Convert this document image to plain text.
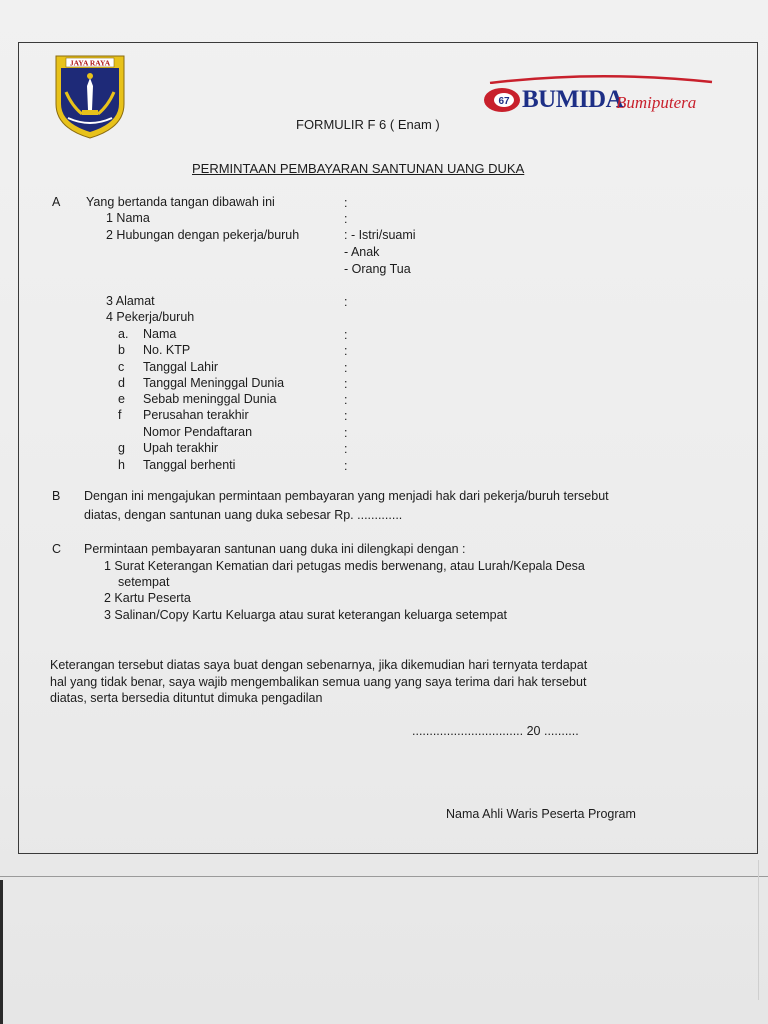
JAYA RAYA
67 BUMIDA
Bumiputera
FORMULIR F 6 ( Enam )
PERMINTAAN PEMBAYARAN SANTUNAN UANG DUKA
A Yang bertanda tangan dibawah ini	:
1 Nama	:
2 Hubungan dengan pekerja/buruh	: - Istri/suami
- Anak
- Orang Tua
3 Alamat	:
4 Pekerja/buruh
a. Nama	:
b No. KTP	:
c Tanggal Lahir	:
d Tanggal Meninggal Dunia	:
e Sebab meninggal Dunia	:
f Perusahan terakhir	:
Nomor Pendaftaran	:
g Upah terakhir	:
h Tanggal berhenti	:
B Dengan ini mengajukan permintaan pembayaran yang menjadi hak dari pekerja/buruh tersebut
diatas, dengan santunan uang duka sebesar Rp. .............
C Permintaan pembayaran santunan uang duka ini dilengkapi dengan :
1 Surat Keterangan Kematian dari petugas medis berwenang, atau Lurah/Kepala Desa
setempat
2 Kartu Peserta
3 Salinan/Copy Kartu Keluarga atau surat keterangan keluarga setempat
Keterangan tersebut diatas saya buat dengan sebenarnya, jika dikemudian hari ternyata terdapat
hal yang tidak benar, saya wajib mengembalikan semua uang yang saya terima dari hak tersebut
diatas, serta bersedia dituntut dimuka pengadilan
................................ 20 ..........
Nama Ahli Waris Peserta Program
